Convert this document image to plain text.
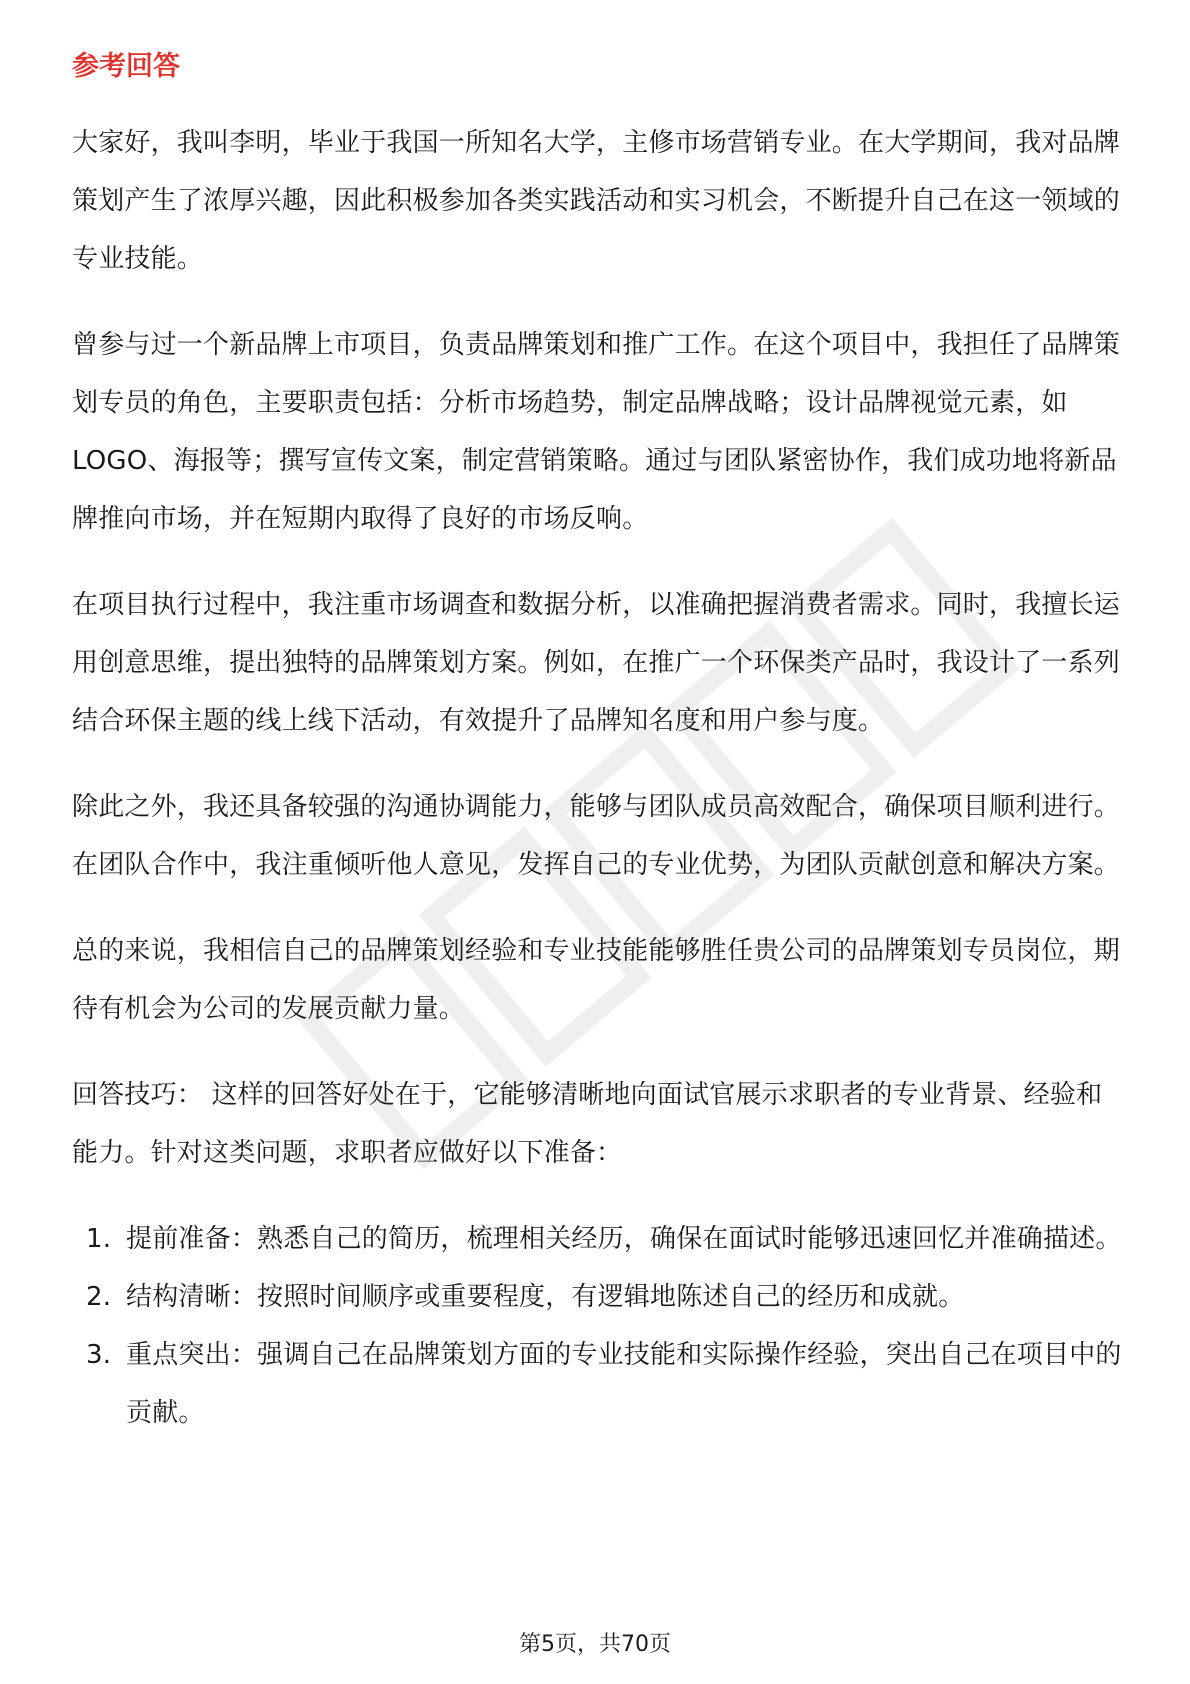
参考回答

大家好，我叫李明，毕业于我国一所知名大学，主修市场营销专业。在大学期间，我对品牌策划产生了浓厚兴趣，因此积极参加各类实践活动和实习机会，不断提升自己在这一领域的专业技能。

曾参与过一个新品牌上市项目，负责品牌策划和推广工作。在这个项目中，我担任了品牌策划专员的角色，主要职责包括：分析市场趋势，制定品牌战略；设计品牌视觉元素，如LOGO、海报等；撰写宣传文案，制定营销策略。通过与团队紧密协作，我们成功地将新品牌推向市场，并在短期内取得了良好的市场反响。

在项目执行过程中，我注重市场调查和数据分析，以准确把握消费者需求。同时，我擅长运用创意思维，提出独特的品牌策划方案。例如，在推广一个环保类产品时，我设计了一系列结合环保主题的线上线下活动，有效提升了品牌知名度和用户参与度。

除此之外，我还具备较强的沟通协调能力，能够与团队成员高效配合，确保项目顺利进行。在团队合作中，我注重倾听他人意见，发挥自己的专业优势，为团队贡献创意和解决方案。

总的来说，我相信自己的品牌策划经验和专业技能能够胜任贵公司的品牌策划专员岗位，期待有机会为公司的发展贡献力量。

回答技巧： 这样的回答好处在于，它能够清晰地向面试官展示求职者的专业背景、经验和能力。针对这类问题，求职者应做好以下准备：

1. 提前准备：熟悉自己的简历，梳理相关经历，确保在面试时能够迅速回忆并准确描述。
2. 结构清晰：按照时间顺序或重要程度，有逻辑地陈述自己的经历和成就。
3. 重点突出：强调自己在品牌策划方面的专业技能和实际操作经验，突出自己在项目中的贡献。
第5页，共70页
